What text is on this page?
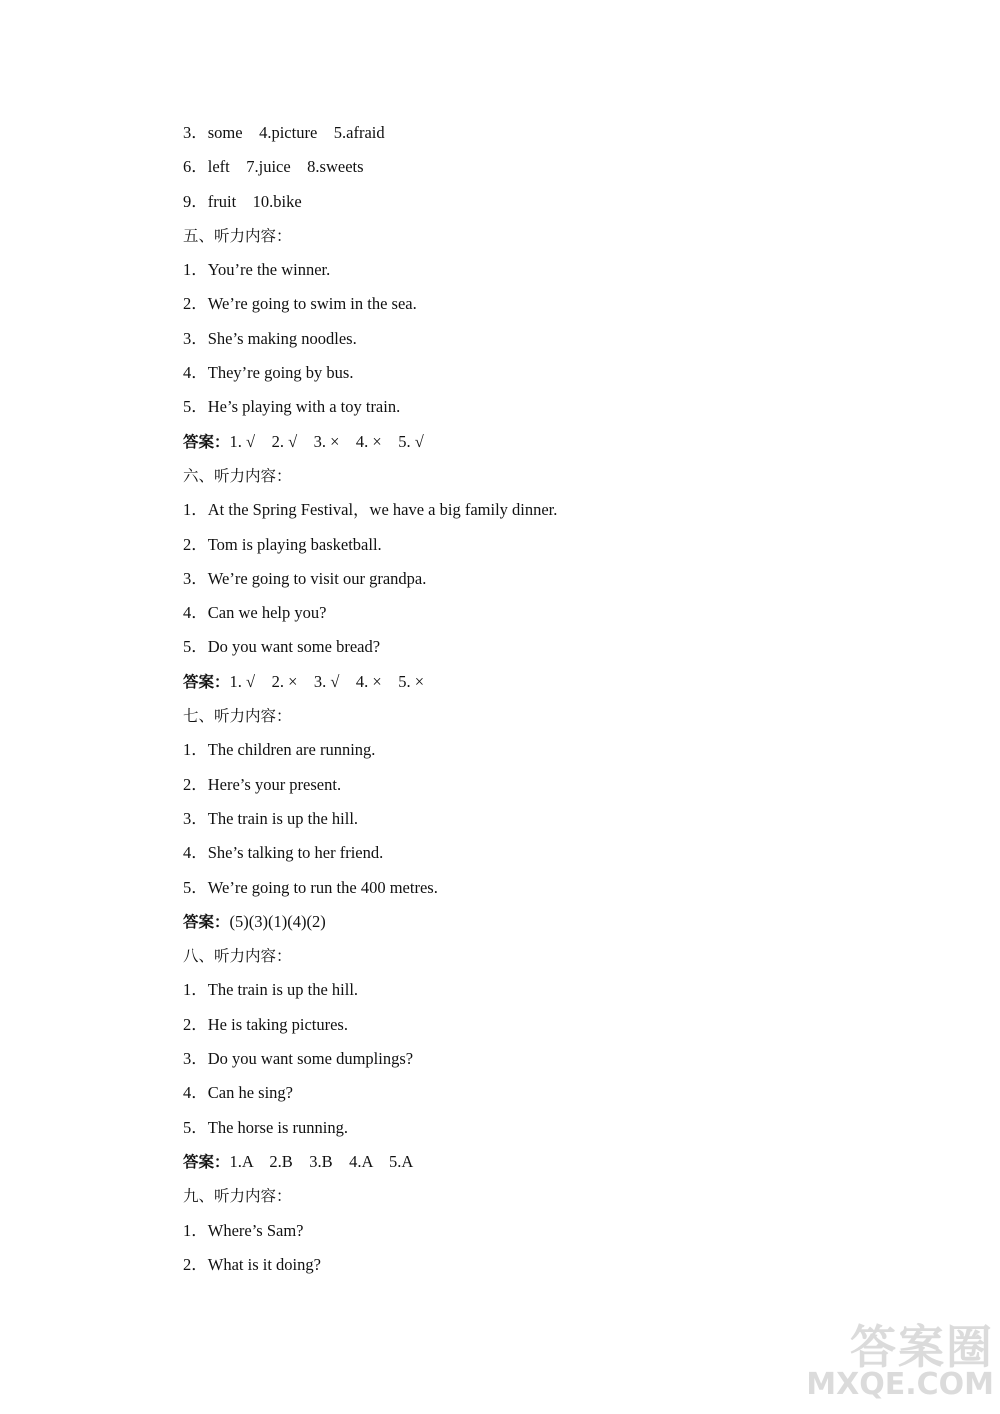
3．some    4.picture    5.afraid
6．left    7.juice    8.sweets
9．fruit    10.bike
五、听力内容：
1．You’re the winner.
2．We’re going to swim in the sea.
3．She’s making noodles.
4．They’re going by bus.
5．He’s playing with a toy train.
答案：1. √    2. √    3. ×    4. ×    5. √
六、听力内容：
1．At the Spring Festival，we have a big family dinner.
2．Tom is playing basketball.
3．We’re going to visit our grandpa.
4．Can we help you?
5．Do you want some bread?
答案：1. √    2. ×    3. √    4. ×    5. ×
七、听力内容：
1．The children are running.
2．Here’s your present.
3．The train is up the hill.
4．She’s talking to her friend.
5．We’re going to run the 400 metres.
答案：(5)(3)(1)(4)(2)
八、听力内容：
1．The train is up the hill.
2．He is taking pictures.
3．Do you want some dumplings?
4．Can he sing?
5．The horse is running.
答案：1.A    2.B    3.B    4.A    5.A
九、听力内容：
1．Where’s Sam?
2．What is it doing?
答案圈
MXQE.COM
